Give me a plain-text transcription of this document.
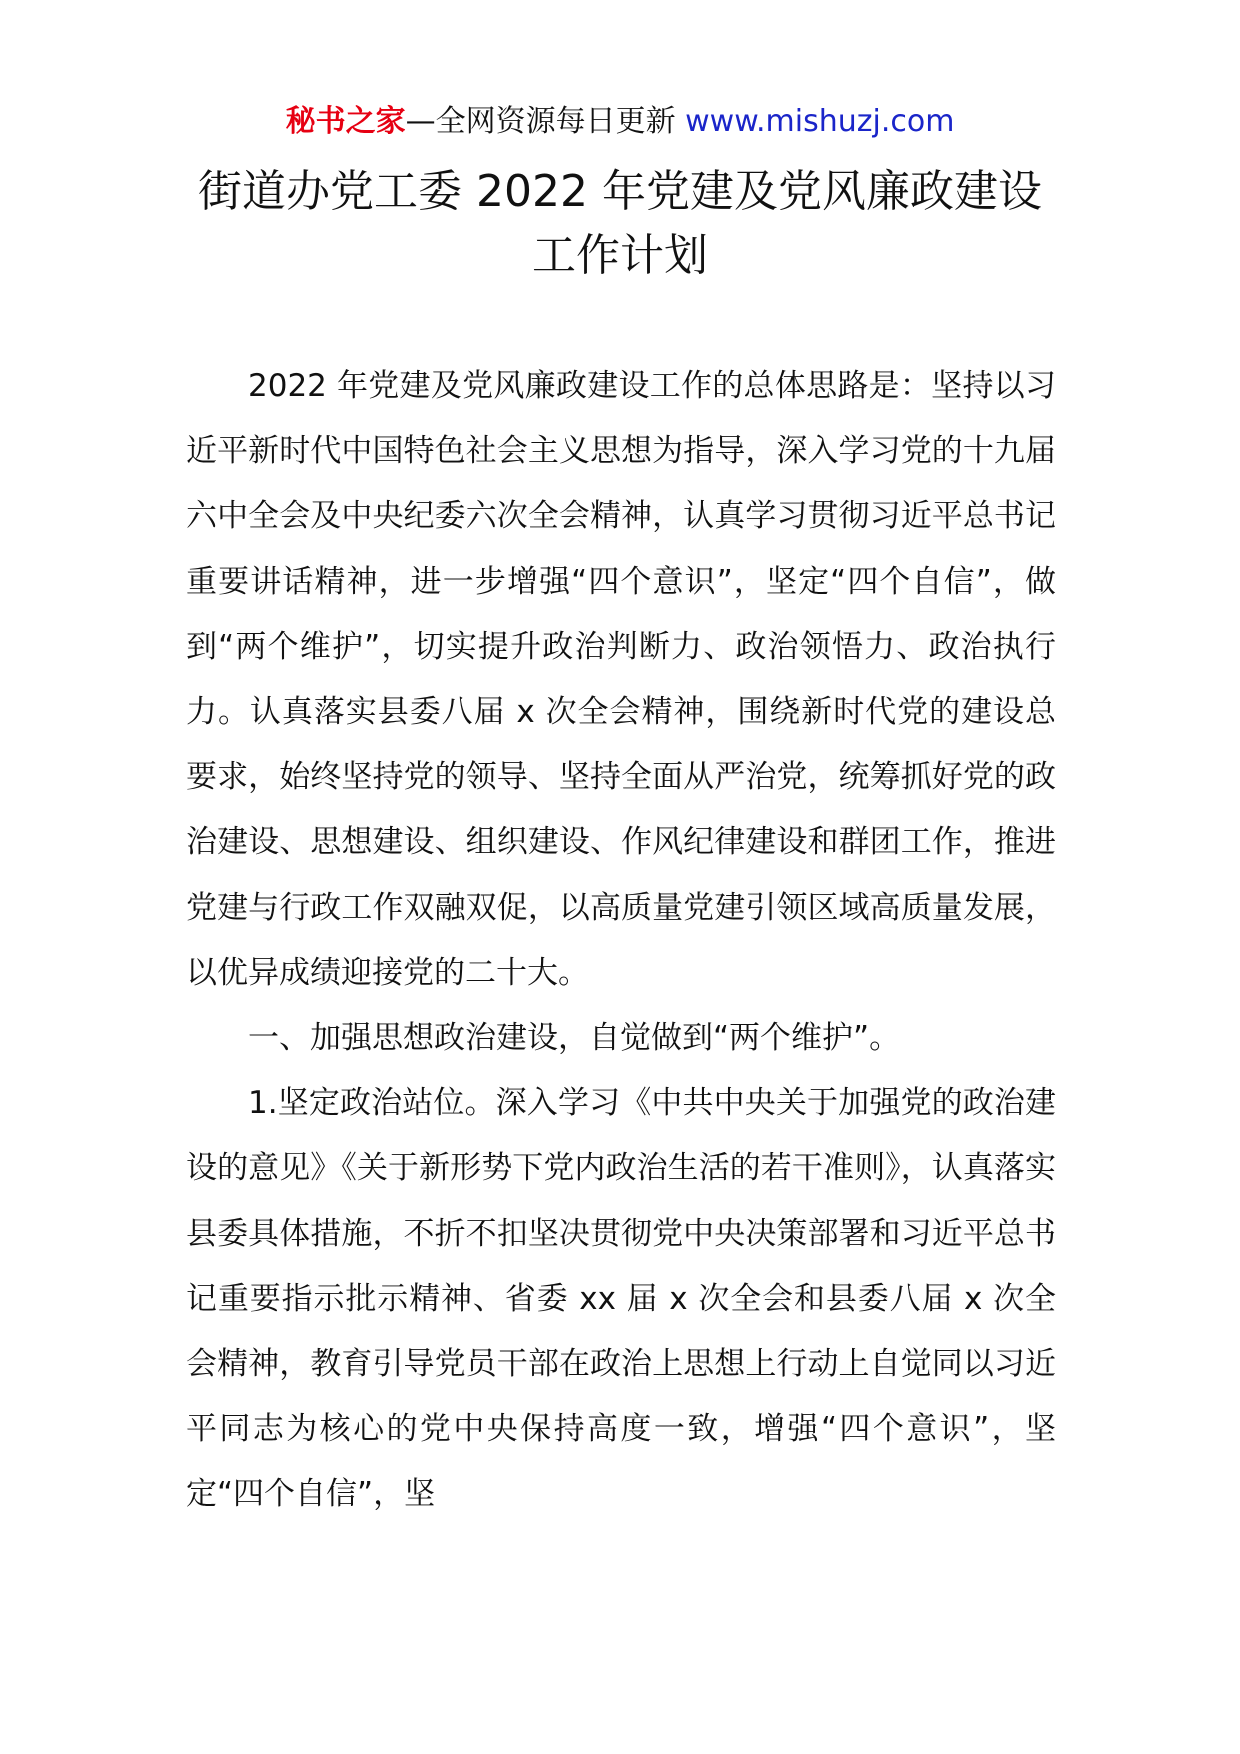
秘书之家—全网资源每日更新 www.mishuzj.com
街道办党工委 2022 年党建及党风廉政建设
工作计划

2022 年党建及党风廉政建设工作的总体思路是：坚持以习近平新时代中国特色社会主义思想为指导，深入学习党的十九届六中全会及中央纪委六次全会精神，认真学习贯彻习近平总书记重要讲话精神，进一步增强“四个意识”，坚定“四个自信”，做到“两个维护”，切实提升政治判断力、政治领悟力、政治执行力。认真落实县委八届 x 次全会精神，围绕新时代党的建设总要求，始终坚持党的领导、坚持全面从严治党，统筹抓好党的政治建设、思想建设、组织建设、作风纪律建设和群团工作，推进党建与行政工作双融双促，以高质量党建引领区域高质量发展，以优异成绩迎接党的二十大。

一、加强思想政治建设，自觉做到“两个维护”。

1.坚定政治站位。深入学习《中共中央关于加强党的政治建设的意见》《关于新形势下党内政治生活的若干准则》，认真落实县委具体措施，不折不扣坚决贯彻党中央决策部署和习近平总书记重要指示批示精神、省委 xx 届 x 次全会和县委八届 x 次全会精神，教育引导党员干部在政治上思想上行动上自觉同以习近平同志为核心的党中央保持高度一致，增强“四个意识”，坚定“四个自信”，坚
